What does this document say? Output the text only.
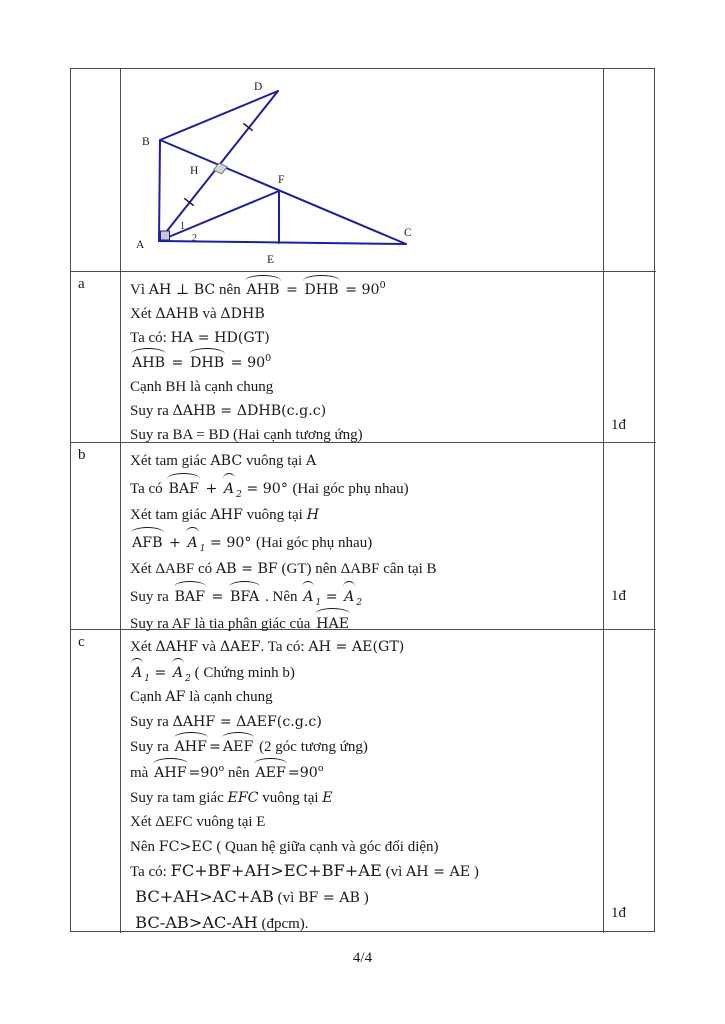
D
B
H
F
A
E
C
1
2
a	Vì AH ⊥ BC nên AHB = DHB = $90^0$
Xét ΔAHB và ΔDHB
Ta có: HA = HD(GT)
AHB = DHB = $90^0$
Cạnh BH là cạnh chung
Suy ra ΔAHB = ΔDHB(c.g.c)
Suy ra BA = BD (Hai cạnh tương ứng)
1đ
b	Xét tam giác ABC vuông tại A
Ta có BAF + A $_2$ = 90° (Hai góc phụ nhau)
Xét tam giác AHF vuông tại H
AFB + A $_1$ = 90° (Hai góc phụ nhau)
Xét ΔABF có AB = BF (GT) nên ΔABF cân tại B
Suy ra BAF = BFA . Nên A $_1$ = A $_2$
Suy ra AF là tia phân giác của HAE
1đ
c	Xét ΔAHF và ΔAEF. Ta có: AH = AE(GT)
A $_1$ = A $_2$ ( Chứng minh b)
Cạnh AF là cạnh chung
Suy ra ΔAHF = ΔAEF(c.g.c)
Suy ra AHF = AEF (2 góc tương ứng)
mà AHF $=90^o$ nên AEF $=90^o$
Suy ra tam giác EFC vuông tại E
Xét ΔEFC vuông tại E
Nên FC>EC ( Quan hệ giữa cạnh và góc đối diện)
Ta có: FC+BF+AH>EC+BF+AE (vì AH = AE )
BC+AH>AC+AB (vì BF = AB )
BC-AB>AC-AH (đpcm).
1đ
4/4
